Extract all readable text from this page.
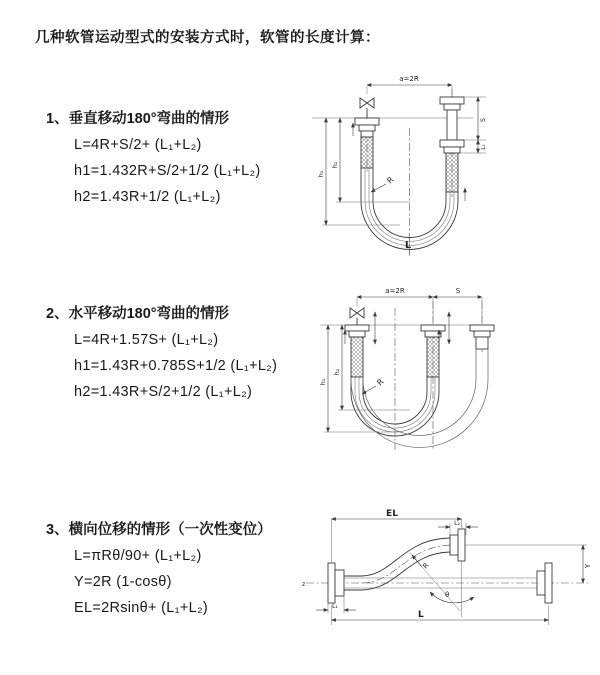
几种软管运动型式的安装方式时，软管的长度计算：

1、垂直移动180°弯曲的情形

L=4R+S/2+ (L₁+L₂)

h1=1.432R+S/2+1/2 (L₁+L₂)

h2=1.43R+1/2 (L₁+L₂)

a=2R
h₁
h₂
S
L₁
R
L

2、水平移动180°弯曲的情形

L=4R+1.57S+ (L₁+L₂)

h1=1.43R+0.785S+1/2 (L₁+L₂)

h2=1.43R+S/2+1/2 (L₁+L₂)

a=2R	S
h₁
h₂
R

3、横向位移的情形（一次性变位）

L=πRθ/90+ (L₁+L₂)

Y=2R (1-cosθ)

EL=2Rsinθ+ (L₁+L₂)

z
EL
L₂
Y
R
θ
L
L₁
